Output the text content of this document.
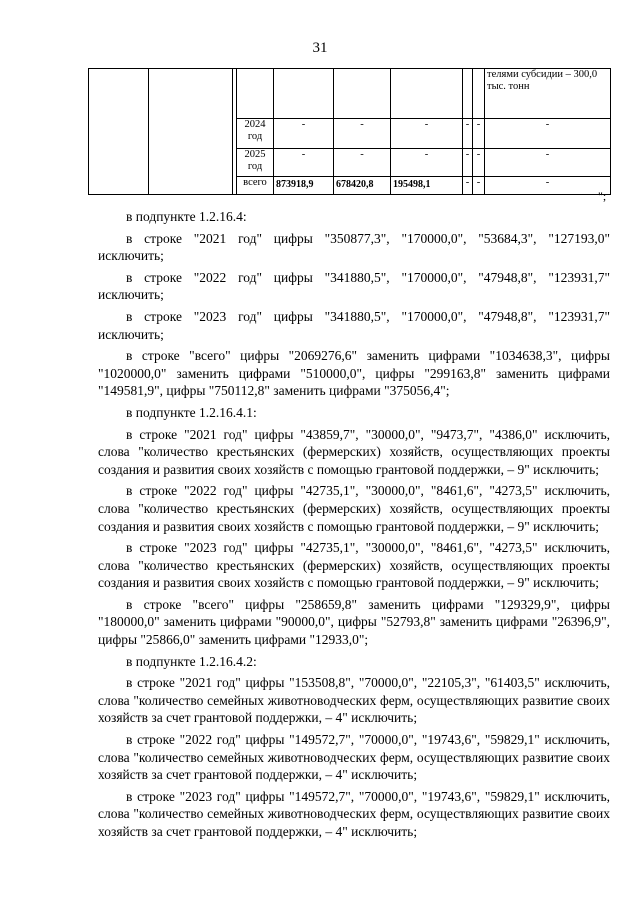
31
									телями субсидии – 300,0 тыс. тонн
			2024 год	-	-	-	-	-	-
			2025 год	-	-	-	-	-	-
			всего	873918,9	678420,8	195498,1	-	-	-
";

в подпункте 1.2.16.4:

в строке "2021 год" цифры "350877,3", "170000,0", "53684,3", "127193,0" исключить;

в строке "2022 год" цифры "341880,5", "170000,0", "47948,8", "123931,7" исключить;

в строке "2023 год" цифры "341880,5", "170000,0", "47948,8", "123931,7" исключить;

в строке "всего" цифры "2069276,6" заменить цифрами "1034638,3", цифры "1020000,0" заменить цифрами "510000,0", цифры "299163,8" заменить цифрами "149581,9", цифры "750112,8" заменить цифрами "375056,4";

в подпункте 1.2.16.4.1:

в строке "2021 год" цифры "43859,7", "30000,0", "9473,7", "4386,0" исключить, слова "количество крестьянских (фермерских) хозяйств, осуществляющих проекты создания и развития своих хозяйств с помощью грантовой поддержки, – 9" исключить;

в строке "2022 год" цифры "42735,1", "30000,0", "8461,6", "4273,5" исключить, слова "количество крестьянских (фермерских) хозяйств, осуществляющих проекты создания и развития своих хозяйств с помощью грантовой поддержки, – 9" исключить;

в строке "2023 год" цифры "42735,1", "30000,0", "8461,6", "4273,5" исключить, слова "количество крестьянских (фермерских) хозяйств, осуществляющих проекты создания и развития своих хозяйств с помощью грантовой поддержки, – 9" исключить;

в строке "всего" цифры "258659,8" заменить цифрами "129329,9", цифры "180000,0" заменить цифрами "90000,0", цифры "52793,8" заменить цифрами "26396,9", цифры "25866,0" заменить цифрами "12933,0";

в подпункте 1.2.16.4.2:

в строке "2021 год" цифры "153508,8", "70000,0", "22105,3", "61403,5" исключить, слова "количество семейных животноводческих ферм, осуществляющих развитие своих хозяйств за счет грантовой поддержки, – 4" исключить;

в строке "2022 год" цифры "149572,7", "70000,0", "19743,6", "59829,1" исключить, слова "количество семейных животноводческих ферм, осуществляющих развитие своих хозяйств за счет грантовой поддержки, – 4" исключить;

в строке "2023 год" цифры "149572,7", "70000,0", "19743,6", "59829,1" исключить, слова "количество семейных животноводческих ферм, осуществляющих развитие своих хозяйств за счет грантовой поддержки, – 4" исключить;
